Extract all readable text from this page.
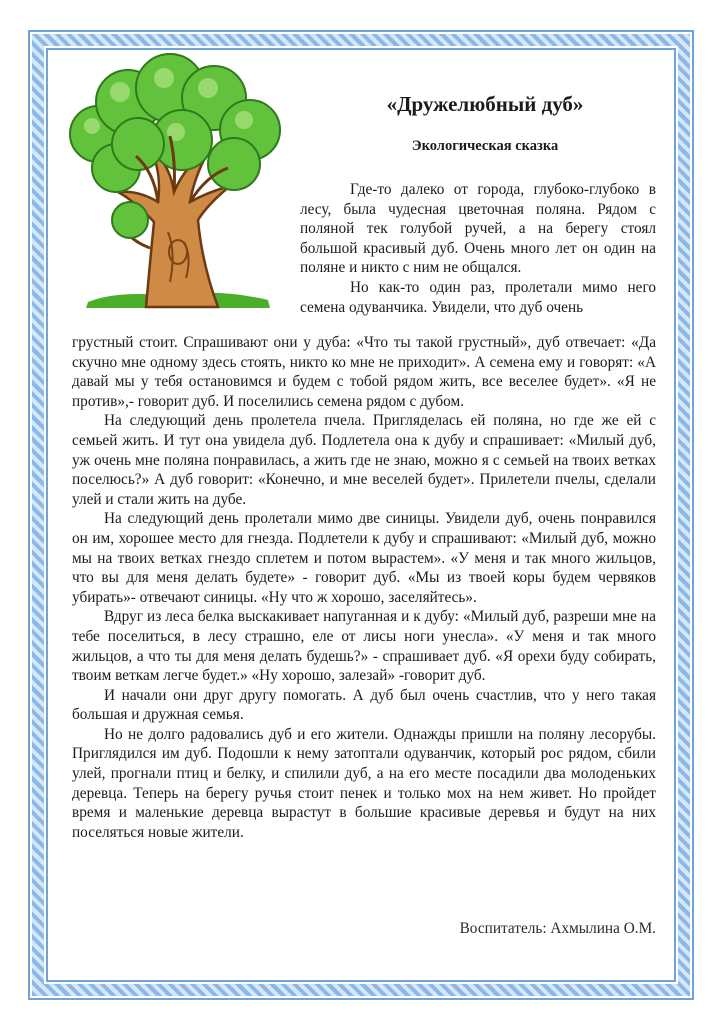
«Дружелюбный дуб»
Экологическая сказка

Где-то далеко от города, глубоко-глубоко в лесу, была чудесная цветочная поляна. Рядом с поляной тек голубой ручей, а на берегу стоял большой красивый дуб. Очень много лет он один на поляне и никто с ним не общался.

Но как-то один раз, пролетали мимо него семена одуванчика. Увидели, что дуб очень

грустный стоит. Спрашивают они у дуба: «Что ты такой грустный», дуб отвечает: «Да скучно мне одному здесь стоять, никто ко мне не приходит». А семена ему и говорят: «А давай мы у тебя остановимся и будем с тобой рядом жить, все веселее будет». «Я не против»,- говорит дуб. И поселились семена рядом с дубом.

На следующий день пролетела пчела. Пригляделась ей поляна, но где же ей с семьей жить. И тут она увидела дуб. Подлетела она к дубу и спрашивает: «Милый дуб, уж очень мне поляна понравилась, а жить где не знаю, можно я с семьей на твоих ветках поселюсь?» А дуб говорит: «Конечно, и мне веселей будет». Прилетели пчелы, сделали улей и стали жить на дубе.

На следующий день пролетали мимо две синицы. Увидели дуб, очень понравился он им, хорошее место для гнезда. Подлетели к дубу и спрашивают: «Милый дуб, можно мы на твоих ветках гнездо сплетем и потом вырастем». «У меня и так много жильцов, что вы для меня делать будете» - говорит дуб. «Мы из твоей коры будем червяков убирать»- отвечают синицы. «Ну что ж хорошо, заселяйтесь».

Вдруг из леса белка выскакивает напуганная и к дубу: «Милый дуб, разреши мне на тебе поселиться, в лесу страшно, еле от лисы ноги унесла». «У меня и так много жильцов, а что ты для меня делать будешь?» - спрашивает дуб. «Я орехи буду собирать, твоим веткам легче будет.» «Ну хорошо, залезай» -говорит дуб.

И начали они друг другу помогать. А дуб был очень счастлив, что у него такая большая и дружная семья.

Но не долго радовались дуб и его жители. Однажды пришли на поляну лесорубы. Приглядился им дуб. Подошли к нему затоптали одуванчик, который рос рядом, сбили улей, прогнали птиц и белку, и спилили дуб, а на его месте посадили два молоденьких деревца. Теперь на берегу ручья стоит пенек и только мох на нем живет. Но пройдет время и маленькие деревца вырастут в большие красивые деревья и будут на них поселяться новые жители.

Воспитатель: Ахмылина О.М.
